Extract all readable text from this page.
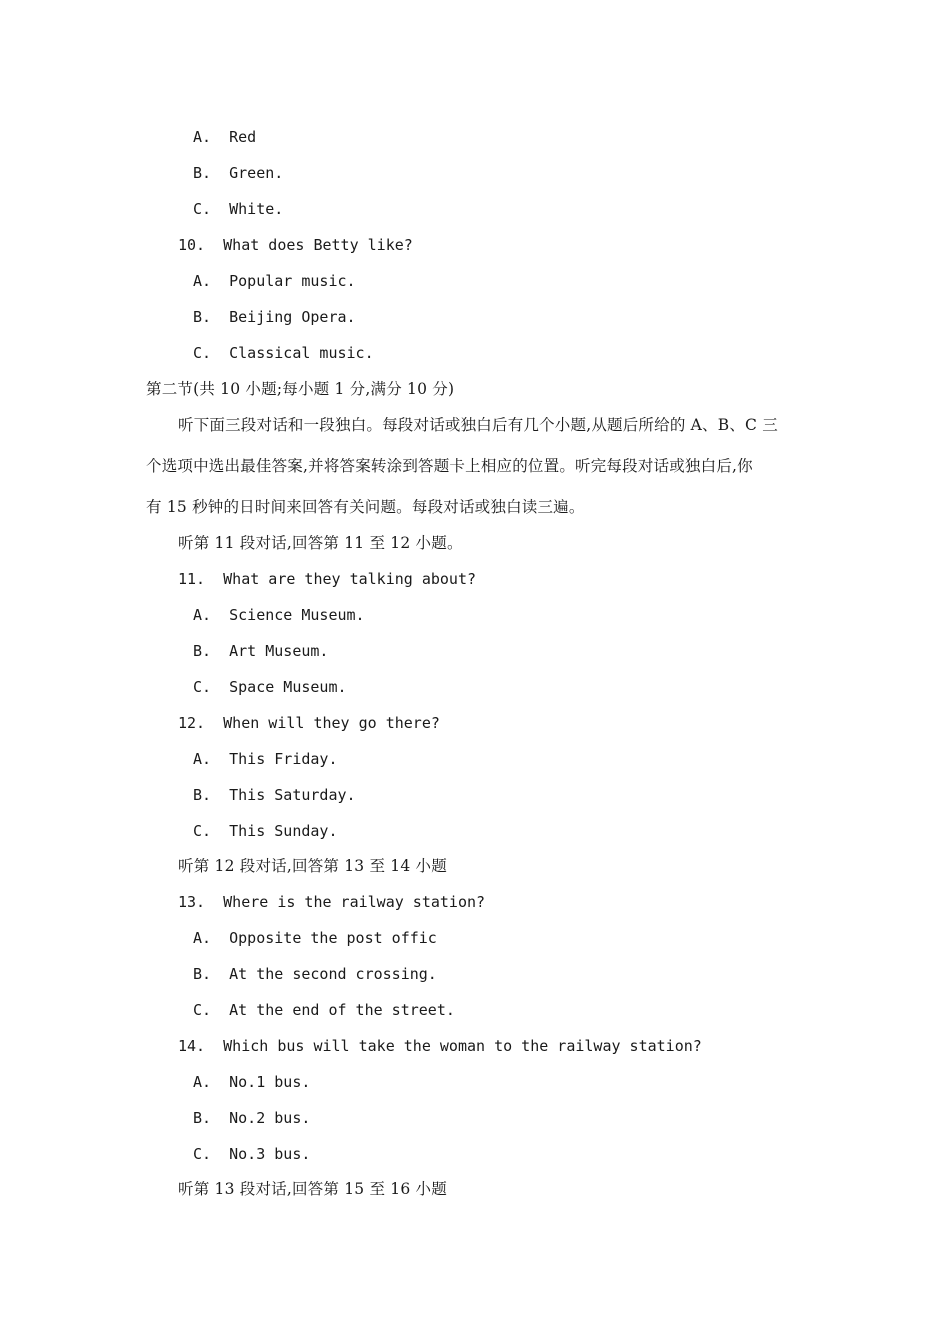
A.  Red
B.  Green.
C.  White.
10.  What does Betty like?
A.  Popular music.
B.  Beijing Opera.
C.  Classical music.
第二节(共 10 小题;每小题 1 分,满分 10 分)
听下面三段对话和一段独白。每段对话或独白后有几个小题,从题后所给的 A、B、C 三
个选项中选出最佳答案,并将答案转涂到答题卡上相应的位置。听完每段对话或独白后,你
有 15 秒钟的日时间来回答有关问题。每段对话或独白读三遍。
听第 11 段对话,回答第 11 至 12 小题。
11.  What are they talking about?
A.  Science Museum.
B.  Art Museum.
C.  Space Museum.
12.  When will they go there?
A.  This Friday.
B.  This Saturday.
C.  This Sunday.
听第 12 段对话,回答第 13 至 14 小题
13.  Where is the railway station?
A.  Opposite the post offic
B.  At the second crossing.
C.  At the end of the street.
14.  Which bus will take the woman to the railway station?
A.  No.1 bus.
B.  No.2 bus.
C.  No.3 bus.
听第 13 段对话,回答第 15 至 16 小题
